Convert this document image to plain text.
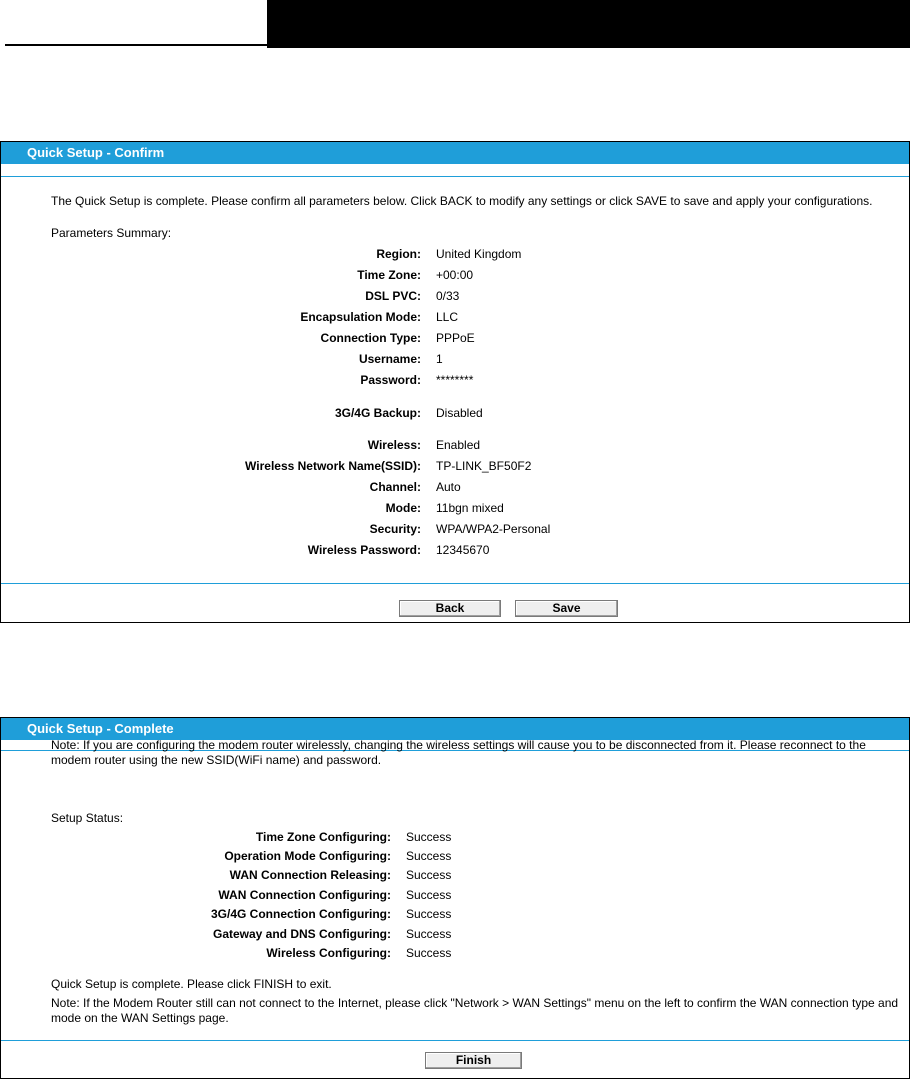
Quick Setup - Confirm
The Quick Setup is complete. Please confirm all parameters below. Click BACK to modify any settings or click SAVE to save and apply your configurations.
Parameters Summary:
Region: United Kingdom
Time Zone: +00:00
DSL PVC: 0/33
Encapsulation Mode: LLC
Connection Type: PPPoE
Username: 1
Password: ********
3G/4G Backup: Disabled
Wireless: Enabled
Wireless Network Name(SSID): TP-LINK_BF50F2
Channel: Auto
Mode: 11bgn mixed
Security: WPA/WPA2-Personal
Wireless Password: 12345670
Back	Save
Quick Setup - Complete
Note: If you are configuring the modem router wirelessly, changing the wireless settings will cause you to be disconnected from it. Please reconnect to the modem router using the new SSID(WiFi name) and password.
Setup Status:
Time Zone Configuring: Success
Operation Mode Configuring: Success
WAN Connection Releasing: Success
WAN Connection Configuring: Success
3G/4G Connection Configuring: Success
Gateway and DNS Configuring: Success
Wireless Configuring: Success
Quick Setup is complete. Please click FINISH to exit.
Note: If the Modem Router still can not connect to the Internet, please click "Network > WAN Settings" menu on the left to confirm the WAN connection type and mode on the WAN Settings page.
Finish
